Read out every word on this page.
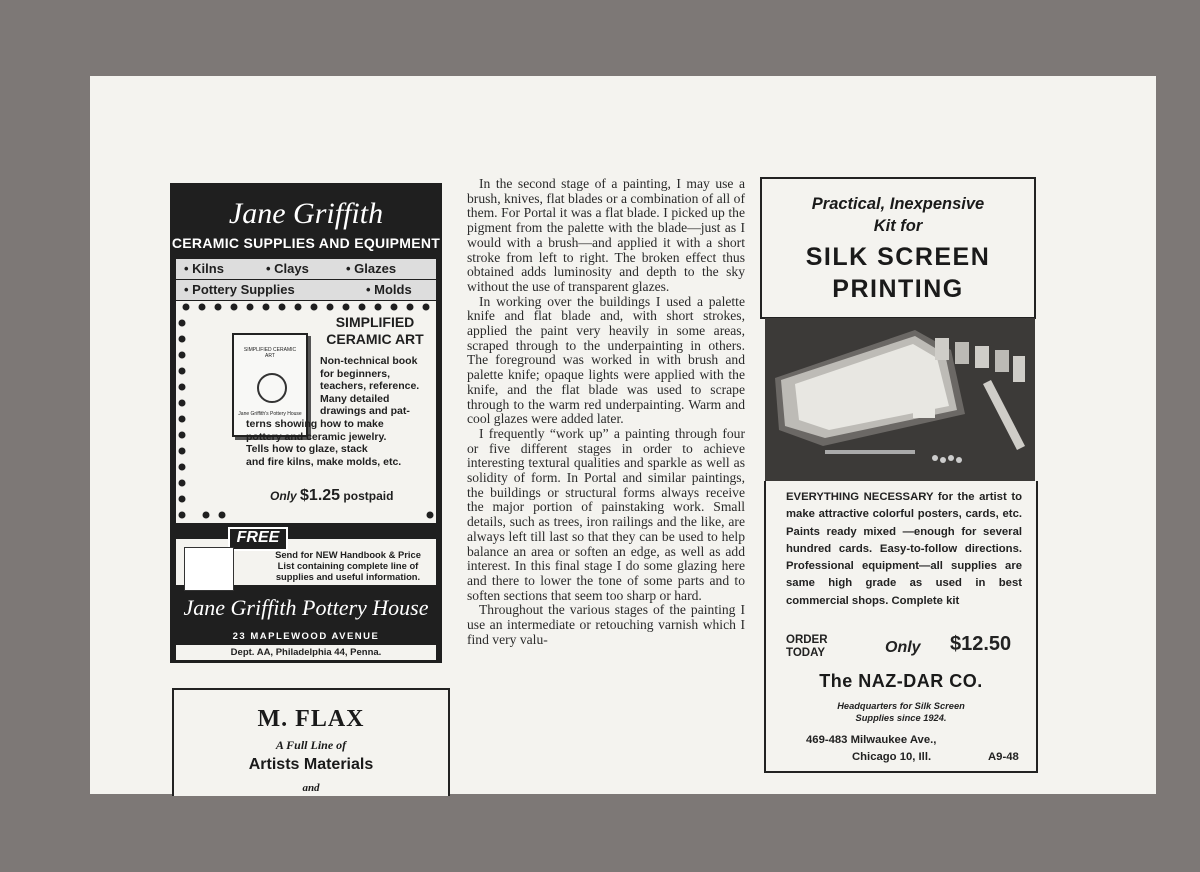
In the second stage of a painting, I may use a brush, knives, flat blades or a combination of all of them. For Portal it was a flat blade. I picked up the pigment from the palette with the blade—just as I would with a brush—and applied it with a short stroke from left to right. The broken effect thus obtained adds luminosity and depth to the sky without the use of transparent glazes.

In working over the buildings I used a palette knife and flat blade and, with short strokes, applied the paint very heavily in some areas, scraped through to the underpainting in others. The foreground was worked in with brush and palette knife; opaque lights were applied with the knife, and the flat blade was used to scrape through to the warm red underpainting. Warm and cool glazes were added later.

I frequently “work up” a painting through four or five different stages in order to achieve interesting textural qualities and sparkle as well as solidity of form. In Portal and similar paintings, the buildings or structural forms always receive the major portion of painstaking work. Small details, such as trees, iron railings and the like, are always left till last so that they can be used to help balance an area or soften an edge, as well as add interest. In this final stage I do some glazing here and there to lower the tone of some parts and to soften sections that seem too sharp or hard.

Throughout the various stages of the painting I use an intermediate or retouching varnish which I find very valu-

Jane Griffith
CERAMIC SUPPLIES AND EQUIPMENT
• Kilns	• Clays	• Glazes
• Pottery Supplies	• Molds
SIMPLIFIED CERAMIC ART
Jane Griffith's Pottery House
SIMPLIFIED
CERAMIC ART
Non-technical book
for beginners,
teachers, reference.
Many detailed
drawings and pat-
terns showing how to make
pottery and ceramic jewelry.
Tells how to glaze, stack
and fire kilns, make molds, etc.
Only $1.25 postpaid
FREE
Send for NEW Handbook & Price
List containing complete line of
supplies and useful information.
Jane Griffith Pottery House
23 MAPLEWOOD AVENUE
Dept. AA, Philadelphia 44, Penna.
M. FLAX
A Full Line of
Artists Materials
and
Practical, Inexpensive
Kit for
SILK SCREEN
PRINTING
EVERYTHING NECESSARY for the artist to make attractive colorful posters, cards, etc. Paints ready mixed —enough for several hundred cards. Easy-to-follow directions. Professional equipment—all supplies are same high grade as used in best commercial shops. Complete kit
ORDER
TODAY	Only $12.50
The NAZ-DAR CO.
Headquarters for Silk Screen
Supplies since 1924.
469-483 Milwaukee Ave.,
Chicago 10, Ill.	A9-48
